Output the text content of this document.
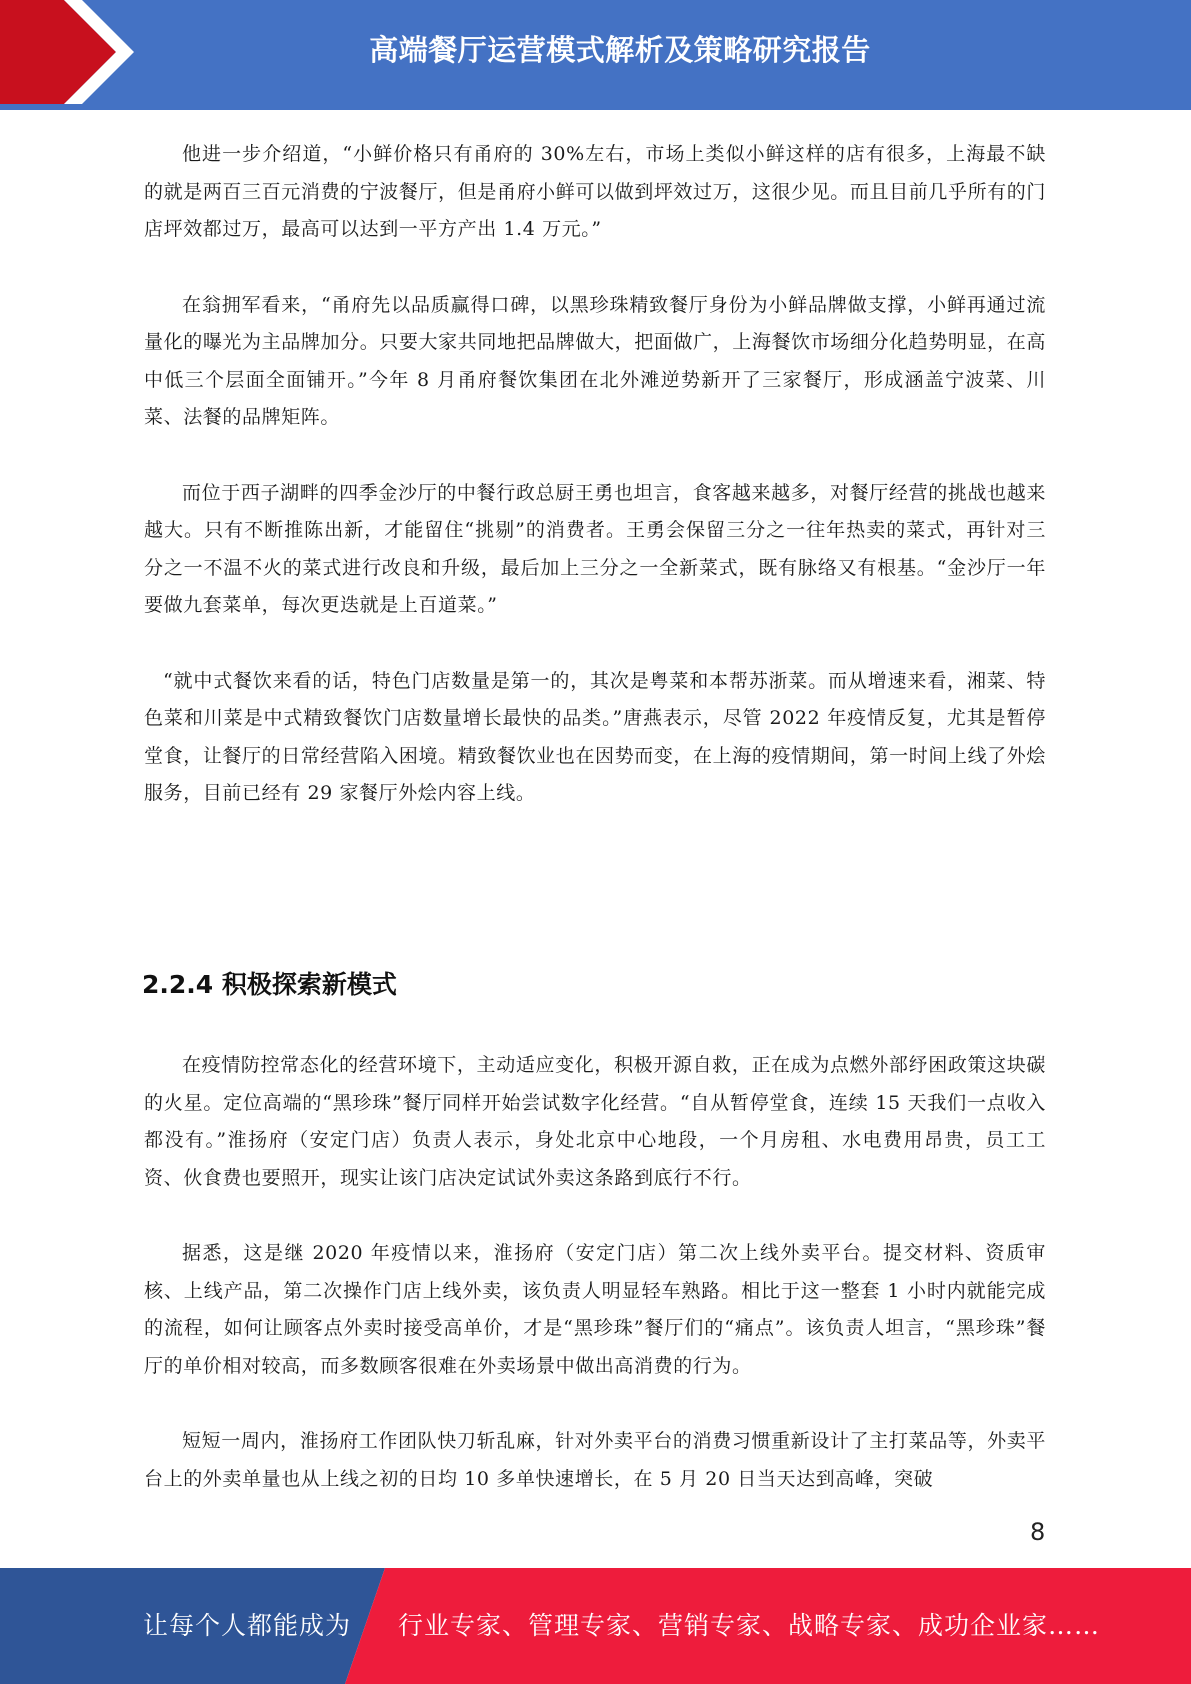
高端餐厅运营模式解析及策略研究报告

他进一步介绍道，“小鲜价格只有甬府的 30%左右，市场上类似小鲜这样的店有很多，上海最不缺的就是两百三百元消费的宁波餐厅，但是甬府小鲜可以做到坪效过万，这很少见。而且目前几乎所有的门店坪效都过万，最高可以达到一平方产出 1.4 万元。”

在翁拥军看来，“甬府先以品质赢得口碑，以黑珍珠精致餐厅身份为小鲜品牌做支撑，小鲜再通过流量化的曝光为主品牌加分。只要大家共同地把品牌做大，把面做广，上海餐饮市场细分化趋势明显，在高中低三个层面全面铺开。”今年 8 月甬府餐饮集团在北外滩逆势新开了三家餐厅，形成涵盖宁波菜、川菜、法餐的品牌矩阵。

而位于西子湖畔的四季金沙厅的中餐行政总厨王勇也坦言，食客越来越多，对餐厅经营的挑战也越来越大。只有不断推陈出新，才能留住“挑剔”的消费者。王勇会保留三分之一往年热卖的菜式，再针对三分之一不温不火的菜式进行改良和升级，最后加上三分之一全新菜式，既有脉络又有根基。“金沙厅一年要做九套菜单，每次更迭就是上百道菜。”

“就中式餐饮来看的话，特色门店数量是第一的，其次是粤菜和本帮苏浙菜。而从增速来看，湘菜、特色菜和川菜是中式精致餐饮门店数量增长最快的品类。”唐燕表示，尽管 2022 年疫情反复，尤其是暂停堂食，让餐厅的日常经营陷入困境。精致餐饮业也在因势而变，在上海的疫情期间，第一时间上线了外烩服务，目前已经有 29 家餐厅外烩内容上线。

2.2.4 积极探索新模式

在疫情防控常态化的经营环境下，主动适应变化，积极开源自救，正在成为点燃外部纾困政策这块碳的火星。定位高端的“黑珍珠”餐厅同样开始尝试数字化经营。“自从暂停堂食，连续 15 天我们一点收入都没有。”淮扬府（安定门店）负责人表示，身处北京中心地段，一个月房租、水电费用昂贵，员工工资、伙食费也要照开，现实让该门店决定试试外卖这条路到底行不行。

据悉，这是继 2020 年疫情以来，淮扬府（安定门店）第二次上线外卖平台。提交材料、资质审核、上线产品，第二次操作门店上线外卖，该负责人明显轻车熟路。相比于这一整套 1 小时内就能完成的流程，如何让顾客点外卖时接受高单价，才是“黑珍珠”餐厅们的“痛点”。该负责人坦言，“黑珍珠”餐厅的单价相对较高，而多数顾客很难在外卖场景中做出高消费的行为。

短短一周内，淮扬府工作团队快刀斩乱麻，针对外卖平台的消费习惯重新设计了主打菜品等，外卖平台上的外卖单量也从上线之初的日均 10 多单快速增长，在 5 月 20 日当天达到高峰，突破

8
让每个人都能成为 行业专家、管理专家、营销专家、战略专家、成功企业家……
